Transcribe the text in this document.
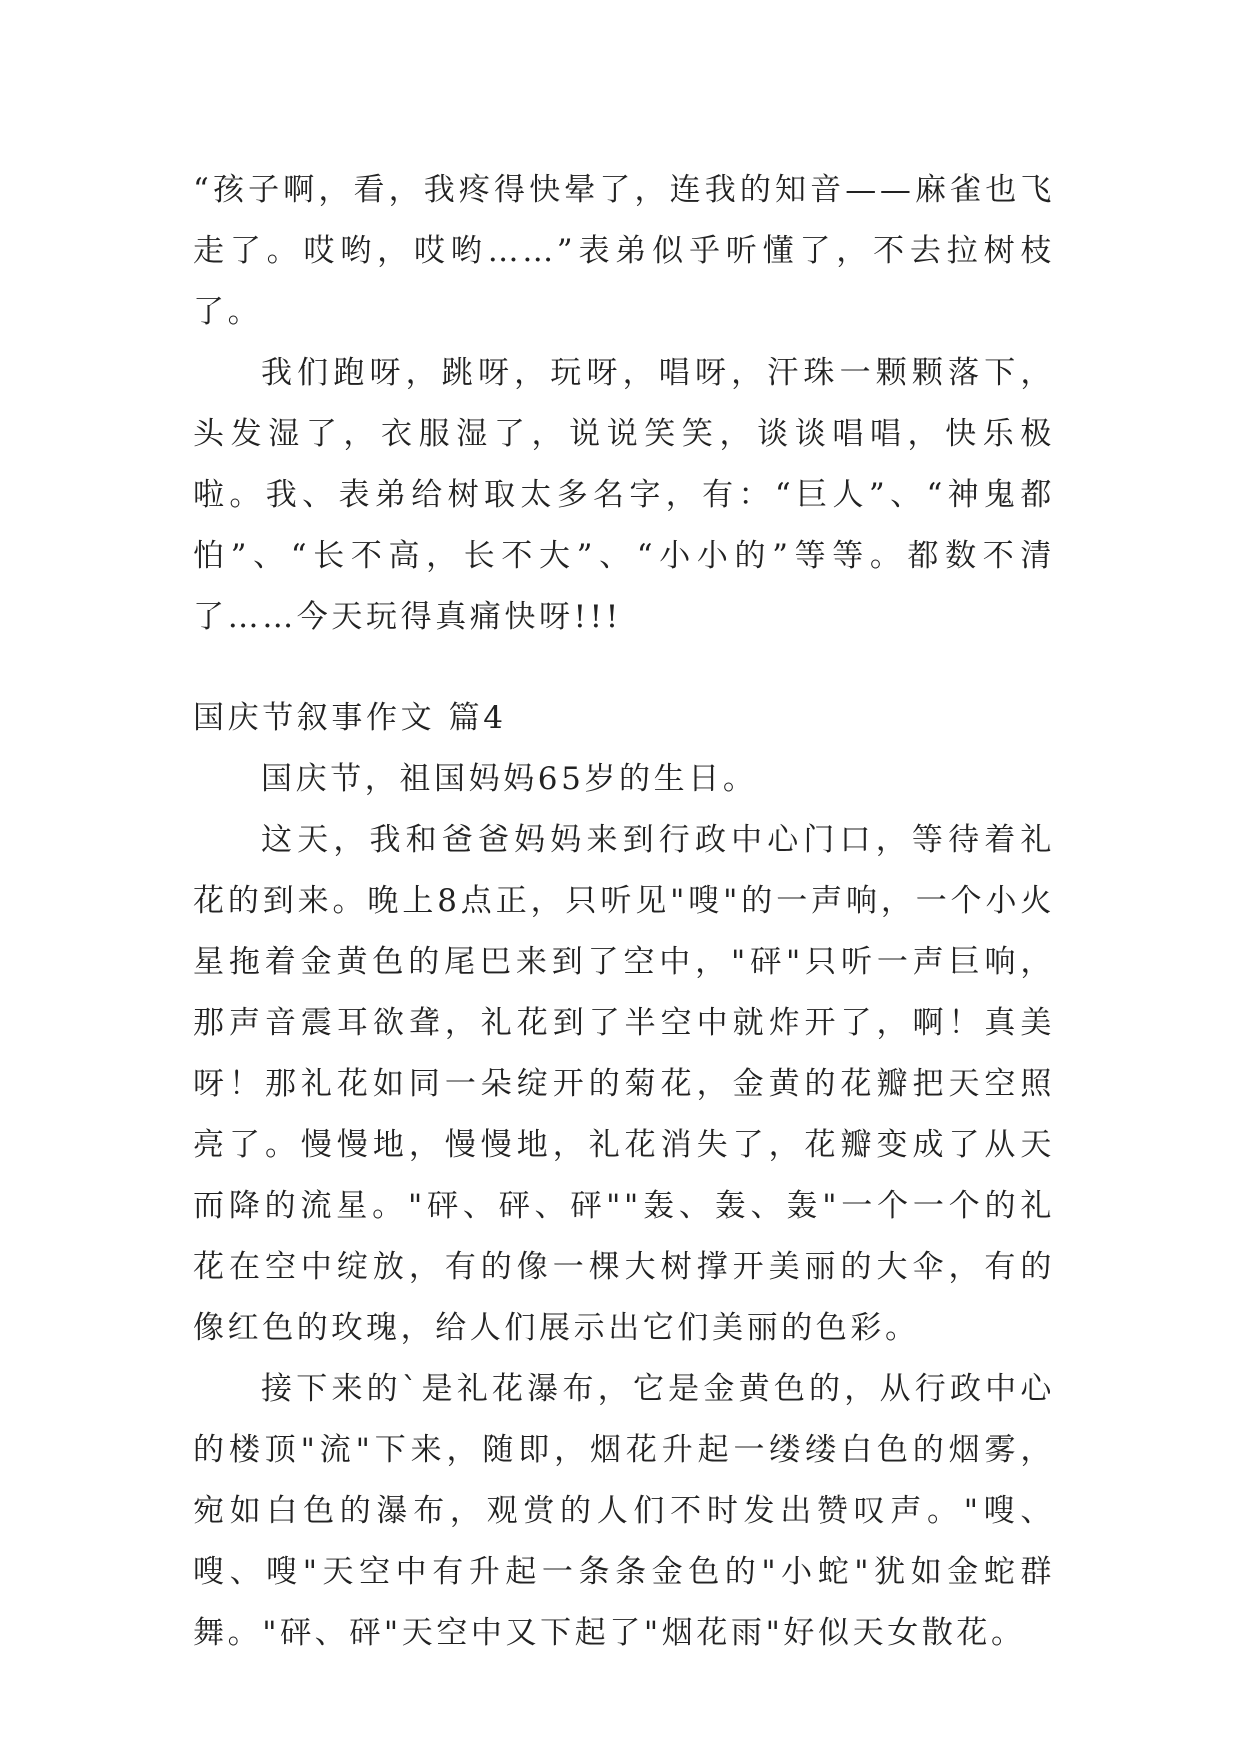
“孩子啊，看，我疼得快晕了，连我的知音——麻雀也飞走了。哎哟，哎哟……”表弟似乎听懂了，不去拉树枝了。

我们跑呀，跳呀，玩呀，唱呀，汗珠一颗颗落下，头发湿了，衣服湿了，说说笑笑，谈谈唱唱，快乐极啦。我、表弟给树取太多名字，有：“巨人”、“神鬼都怕”、“长不高，长不大”、“小小的”等等。都数不清了……今天玩得真痛快呀!!!

国庆节叙事作文 篇4

国庆节，祖国妈妈65岁的生日。

这天，我和爸爸妈妈来到行政中心门口，等待着礼花的到来。晚上8点正，只听见"嗖"的一声响，一个小火星拖着金黄色的尾巴来到了空中，"砰"只听一声巨响，那声音震耳欲聋，礼花到了半空中就炸开了，啊！真美呀！那礼花如同一朵绽开的菊花，金黄的花瓣把天空照亮了。慢慢地，慢慢地，礼花消失了，花瓣变成了从天而降的流星。"砰、砰、砰""轰、轰、轰"一个一个的礼花在空中绽放，有的像一棵大树撑开美丽的大伞，有的像红色的玫瑰，给人们展示出它们美丽的色彩。

接下来的`是礼花瀑布，它是金黄色的，从行政中心的楼顶"流"下来，随即，烟花升起一缕缕白色的烟雾，宛如白色的瀑布，观赏的人们不时发出赞叹声。"嗖、嗖、嗖"天空中有升起一条条金色的"小蛇"犹如金蛇群舞。"砰、砰"天空中又下起了"烟花雨"好似天女散花。
